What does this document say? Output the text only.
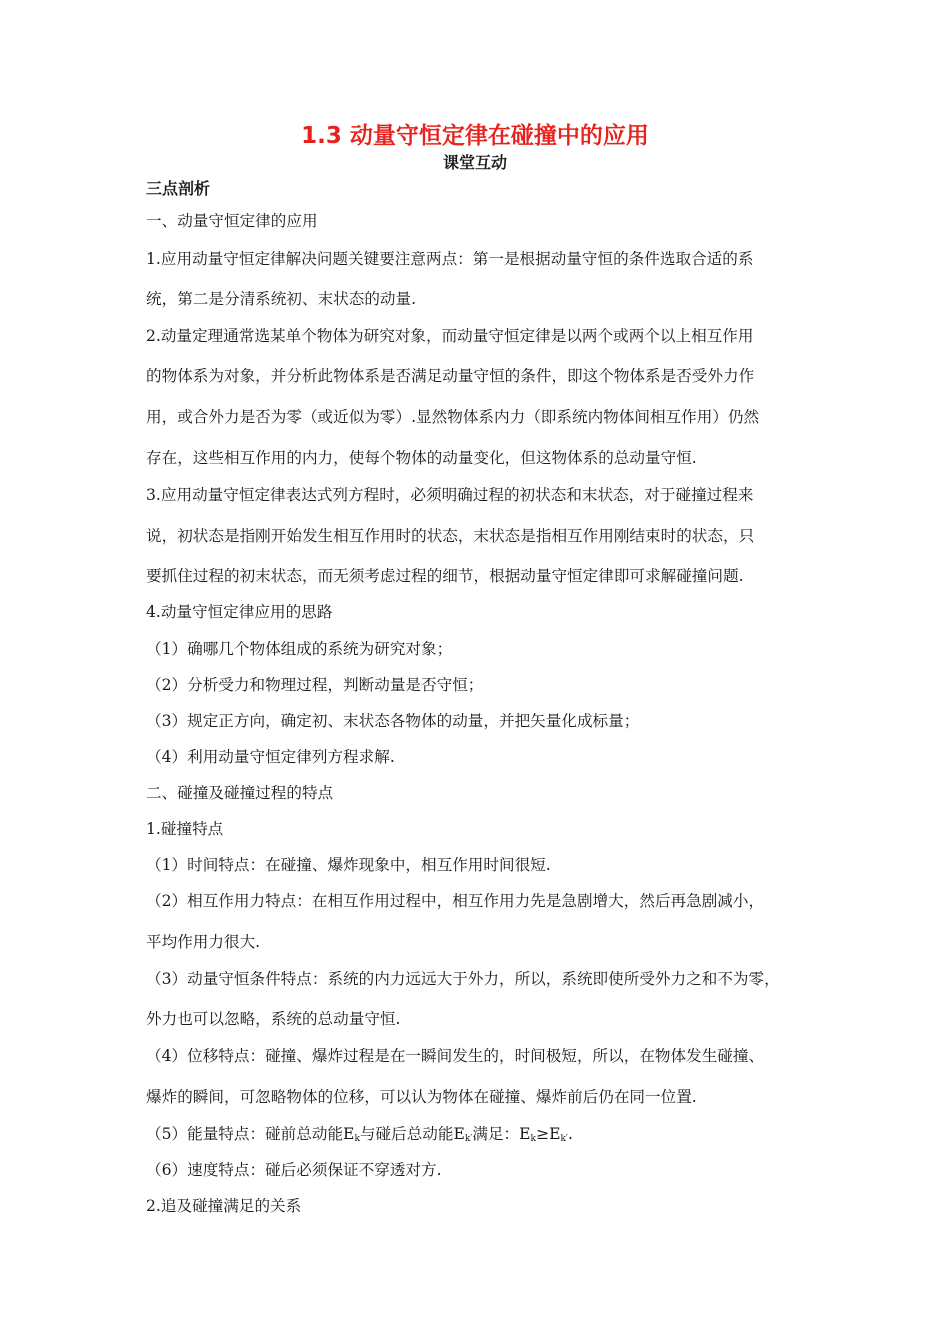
1.3 动量守恒定律在碰撞中的应用
课堂互动
三点剖析
一、动量守恒定律的应用
1.应用动量守恒定律解决问题关键要注意两点：第一是根据动量守恒的条件选取合适的系
统，第二是分清系统初、末状态的动量.
2.动量定理通常选某单个物体为研究对象，而动量守恒定律是以两个或两个以上相互作用
的物体系为对象，并分析此物体系是否满足动量守恒的条件，即这个物体系是否受外力作
用，或合外力是否为零（或近似为零）.显然物体系内力（即系统内物体间相互作用）仍然
存在，这些相互作用的内力，使每个物体的动量变化，但这物体系的总动量守恒.
3.应用动量守恒定律表达式列方程时，必须明确过程的初状态和末状态，对于碰撞过程来
说，初状态是指刚开始发生相互作用时的状态，末状态是指相互作用刚结束时的状态，只
要抓住过程的初末状态，而无须考虑过程的细节，根据动量守恒定律即可求解碰撞问题.
4.动量守恒定律应用的思路
（1）确哪几个物体组成的系统为研究对象；
（2）分析受力和物理过程，判断动量是否守恒；
（3）规定正方向，确定初、末状态各物体的动量，并把矢量化成标量；
（4）利用动量守恒定律列方程求解.
二、碰撞及碰撞过程的特点
1.碰撞特点
（1）时间特点：在碰撞、爆炸现象中，相互作用时间很短.
（2）相互作用力特点：在相互作用过程中，相互作用力先是急剧增大，然后再急剧减小，
平均作用力很大.
（3）动量守恒条件特点：系统的内力远远大于外力，所以，系统即使所受外力之和不为零，
外力也可以忽略，系统的总动量守恒.
（4）位移特点：碰撞、爆炸过程是在一瞬间发生的，时间极短，所以，在物体发生碰撞、
爆炸的瞬间，可忽略物体的位移，可以认为物体在碰撞、爆炸前后仍在同一位置.
（5）能量特点：碰前总动能$E_k$与碰后总动能$E_{k'}$满足：$E_k\ge E_{k'}$.
（6）速度特点：碰后必须保证不穿透对方.
2.追及碰撞满足的关系
